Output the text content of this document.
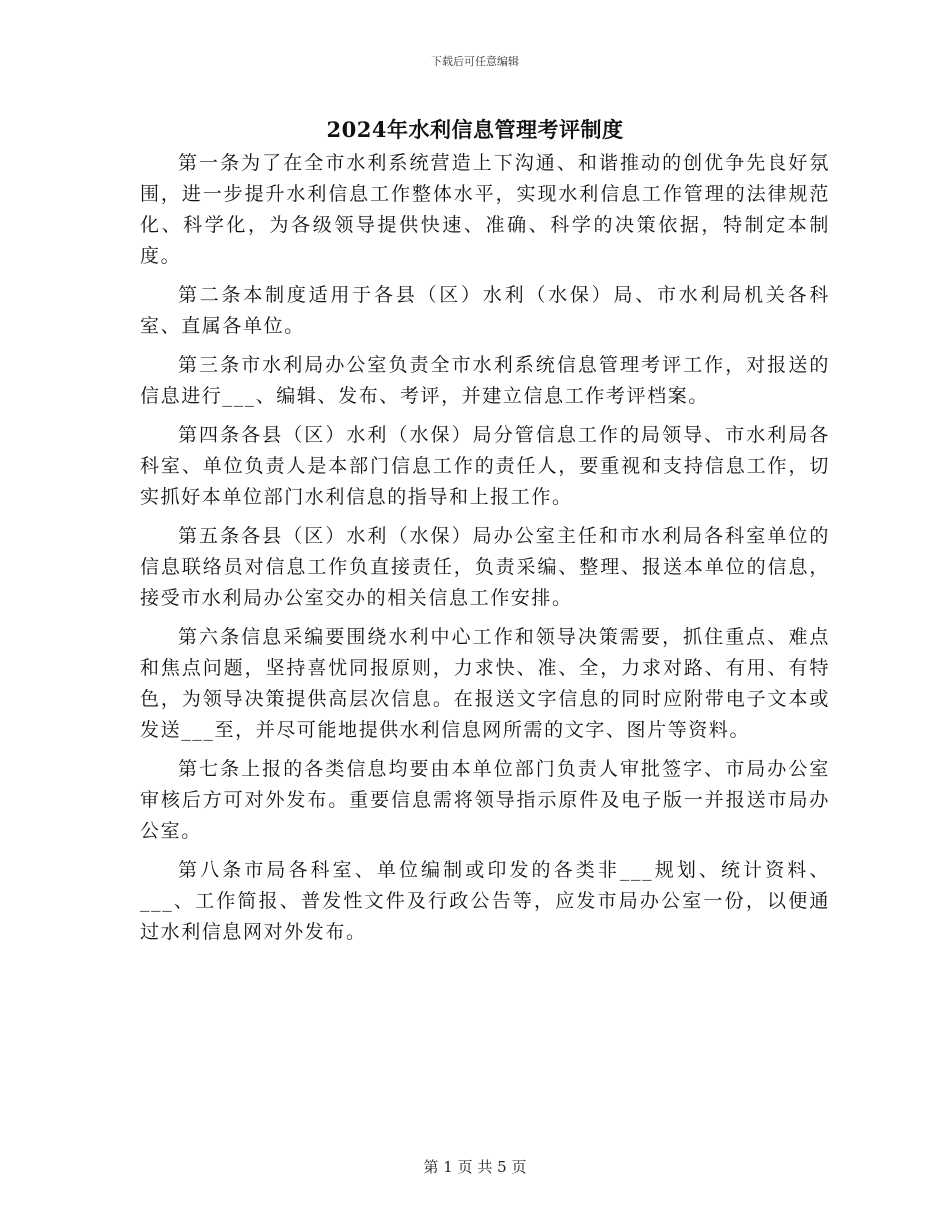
下载后可任意编辑
2024年水利信息管理考评制度

第一条为了在全市水利系统营造上下沟通、和谐推动的创优争先良好氛围，进一步提升水利信息工作整体水平，实现水利信息工作管理的法律规范化、科学化，为各级领导提供快速、准确、科学的决策依据，特制定本制度。

第二条本制度适用于各县（区）水利（水保）局、市水利局机关各科室、直属各单位。

第三条市水利局办公室负责全市水利系统信息管理考评工作，对报送的信息进行___、编辑、发布、考评，并建立信息工作考评档案。

第四条各县（区）水利（水保）局分管信息工作的局领导、市水利局各科室、单位负责人是本部门信息工作的责任人，要重视和支持信息工作，切实抓好本单位部门水利信息的指导和上报工作。

第五条各县（区）水利（水保）局办公室主任和市水利局各科室单位的信息联络员对信息工作负直接责任，负责采编、整理、报送本单位的信息，接受市水利局办公室交办的相关信息工作安排。

第六条信息采编要围绕水利中心工作和领导决策需要，抓住重点、难点和焦点问题，坚持喜忧同报原则，力求快、准、全，力求对路、有用、有特色，为领导决策提供高层次信息。在报送文字信息的同时应附带电子文本或发送___至，并尽可能地提供水利信息网所需的文字、图片等资料。

第七条上报的各类信息均要由本单位部门负责人审批签字、市局办公室审核后方可对外发布。重要信息需将领导指示原件及电子版一并报送市局办公室。

第八条市局各科室、单位编制或印发的各类非___规划、统计资料、___、工作简报、普发性文件及行政公告等，应发市局办公室一份，以便通过水利信息网对外发布。

第 1 页 共 5 页
